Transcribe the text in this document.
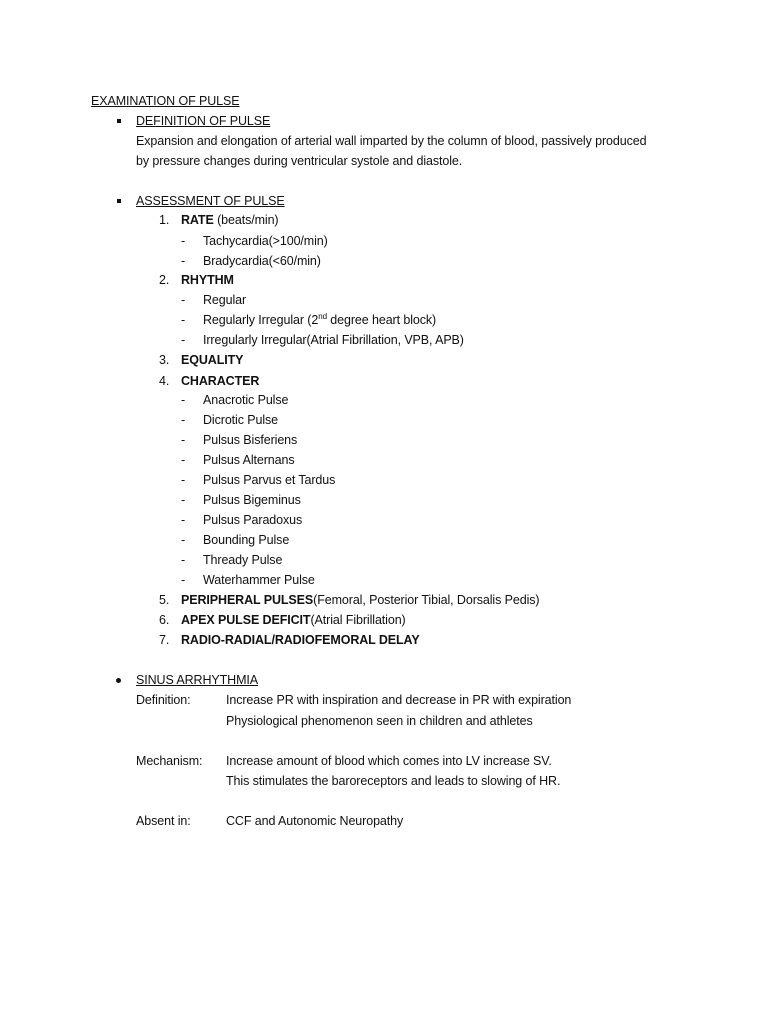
EXAMINATION OF PULSE
DEFINITION OF PULSE
Expansion and elongation of arterial wall imparted by the column of blood, passively produced
by pressure changes during ventricular systole and diastole.
ASSESSMENT OF PULSE
1. RATE (beats/min)
- Tachycardia(>100/min)
- Bradycardia(<60/min)
2. RHYTHM
- Regular
- Regularly Irregular (2nd degree heart block)
- Irregularly Irregular(Atrial Fibrillation, VPB, APB)
3. EQUALITY
4. CHARACTER
- Anacrotic Pulse
- Dicrotic Pulse
- Pulsus Bisferiens
- Pulsus Alternans
- Pulsus Parvus et Tardus
- Pulsus Bigeminus
- Pulsus Paradoxus
- Bounding Pulse
- Thready Pulse
- Waterhammer Pulse
5. PERIPHERAL PULSES(Femoral, Posterior Tibial, Dorsalis Pedis)
6. APEX PULSE DEFICIT(Atrial Fibrillation)
7. RADIO-RADIAL/RADIOFEMORAL DELAY
SINUS ARRHYTHMIA
Definition:	Increase PR with inspiration and decrease in PR with expiration
Physiological phenomenon seen in children and athletes
Mechanism: Increase amount of blood which comes into LV increase SV.
This stimulates the baroreceptors and leads to slowing of HR.
Absent in:	CCF and Autonomic Neuropathy
